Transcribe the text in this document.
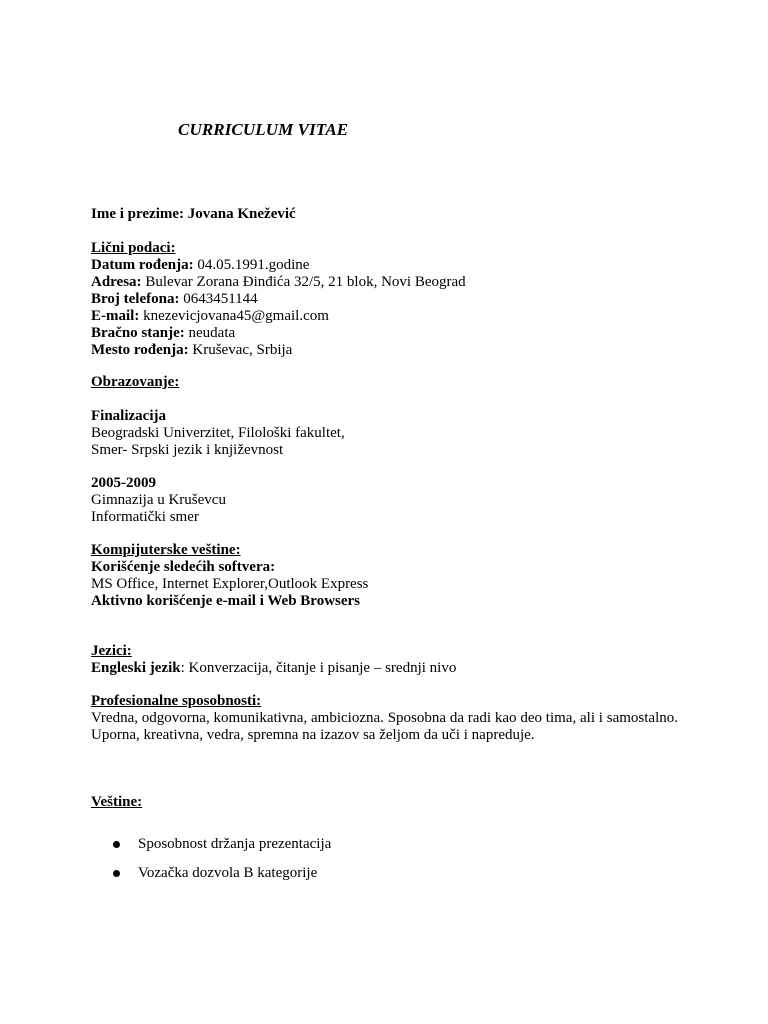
CURRICULUM VITAE
Ime i prezime: Jovana Knežević
Lični podaci:
Datum rođenja: 04.05.1991.godine
Adresa: Bulevar Zorana Đinđića 32/5, 21 blok, Novi Beograd
Broj telefona: 0643451144
E-mail: knezevicjovana45@gmail.com
Bračno stanje: neudata
Mesto rođenja: Kruševac, Srbija
Obrazovanje:
Finalizacija
Beogradski Univerzitet, Filološki fakultet,
Smer- Srpski jezik i književnost
2005-2009
Gimnazija u Kruševcu
Informatički smer
Kompijuterske veštine:
Korišćenje sledećih softvera:
MS Office, Internet Explorer,Outlook Express
Aktivno korišćenje e-mail i Web Browsers
Jezici:
Engleski jezik: Konverzacija, čitanje i pisanje – srednji nivo
Profesionalne sposobnosti:
Vredna, odgovorna, komunikativna, ambiciozna. Sposobna da radi kao deo tima, ali i samostalno. Uporna, kreativna, vedra, spremna na izazov sa željom da uči i napreduje.
Veštine:
Sposobnost držanja prezentacija
Vozačka dozvola B kategorije
